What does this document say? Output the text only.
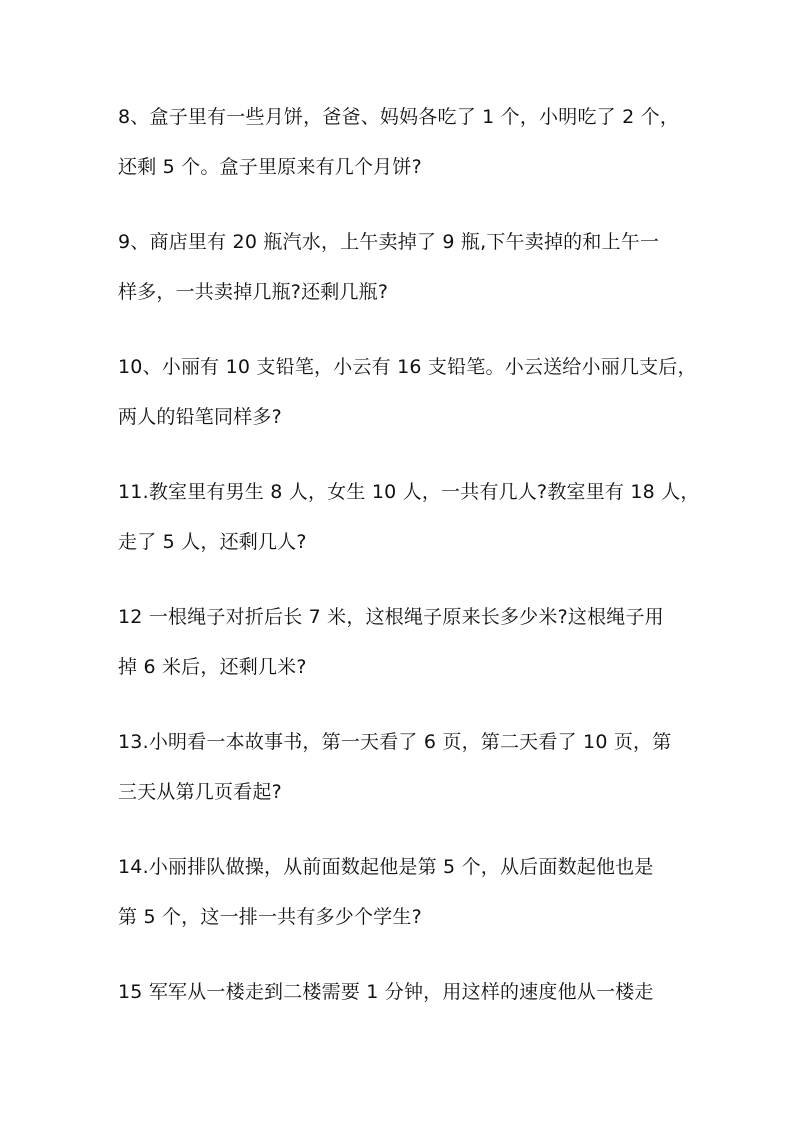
8、盒子里有一些月饼，爸爸、妈妈各吃了 1 个，小明吃了 2 个，
还剩 5 个。盒子里原来有几个月饼?
9、商店里有 20 瓶汽水，上午卖掉了 9 瓶,下午卖掉的和上午一
样多，一共卖掉几瓶?还剩几瓶?
10、小丽有 10 支铅笔，小云有 16 支铅笔。小云送给小丽几支后，
两人的铅笔同样多?
11.教室里有男生 8 人，女生 10 人，一共有几人?教室里有 18 人，
走了 5 人，还剩几人?
12 一根绳子对折后长 7 米，这根绳子原来长多少米?这根绳子用
掉 6 米后，还剩几米?
13.小明看一本故事书，第一天看了 6 页，第二天看了 10 页，第
三天从第几页看起?
14.小丽排队做操，从前面数起他是第 5 个，从后面数起他也是
第 5 个，这一排一共有多少个学生?
15 军军从一楼走到二楼需要 1 分钟，用这样的速度他从一楼走
